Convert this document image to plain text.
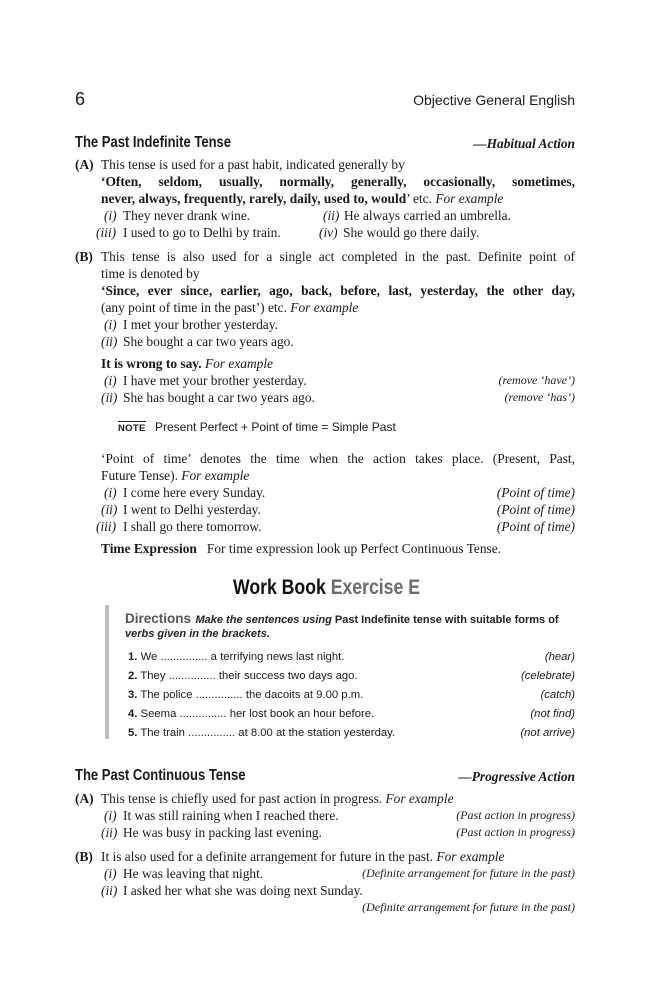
6	Objective General English
The Past Indefinite Tense	—Habitual Action
(A) This tense is used for a past habit, indicated generally by
‘Often, seldom, usually, normally, generally, occasionally, sometimes,
never, always, frequently, rarely, daily, used to, would’ etc. For example
(i) They never drank wine.	(ii) He always carried an umbrella.
(iii) I used to go to Delhi by train.	(iv) She would go there daily.
(B) This tense is also used for a single act completed in the past. Definite point of
time is denoted by
‘Since, ever since, earlier, ago, back, before, last, yesterday, the other day,
(any point of time in the past’) etc. For example
(i) I met your brother yesterday.
(ii) She bought a car two years ago.
It is wrong to say. For example
(i) I have met your brother yesterday.	(remove ‘have’)
(ii) She has bought a car two years ago.	(remove ‘has’)
NOTE Present Perfect + Point of time = Simple Past
‘Point of time’ denotes the time when the action takes place. (Present, Past,
Future Tense). For example
(i) I come here every Sunday.	(Point of time)
(ii) I went to Delhi yesterday.	(Point of time)
(iii) I shall go there tomorrow.	(Point of time)
Time Expression For time expression look up Perfect Continuous Tense.
Work Book Exercise E
Directions Make the sentences using Past Indefinite tense with suitable forms of
verbs given in the brackets.
1. We ............... a terrifying news last night.	(hear)
2. They ............... their success two days ago.	(celebrate)
3. The police ............... the dacoits at 9.00 p.m.	(catch)
4. Seema ............... her lost book an hour before.	(not find)
5. The train ............... at 8.00 at the station yesterday.	(not arrive)
The Past Continuous Tense	—Progressive Action
(A) This tense is chiefly used for past action in progress. For example
(i) It was still raining when I reached there.	(Past action in progress)
(ii) He was busy in packing last evening.	(Past action in progress)
(B) It is also used for a definite arrangement for future in the past. For example
(i) He was leaving that night.	(Definite arrangement for future in the past)
(ii) I asked her what she was doing next Sunday.
(Definite arrangement for future in the past)
